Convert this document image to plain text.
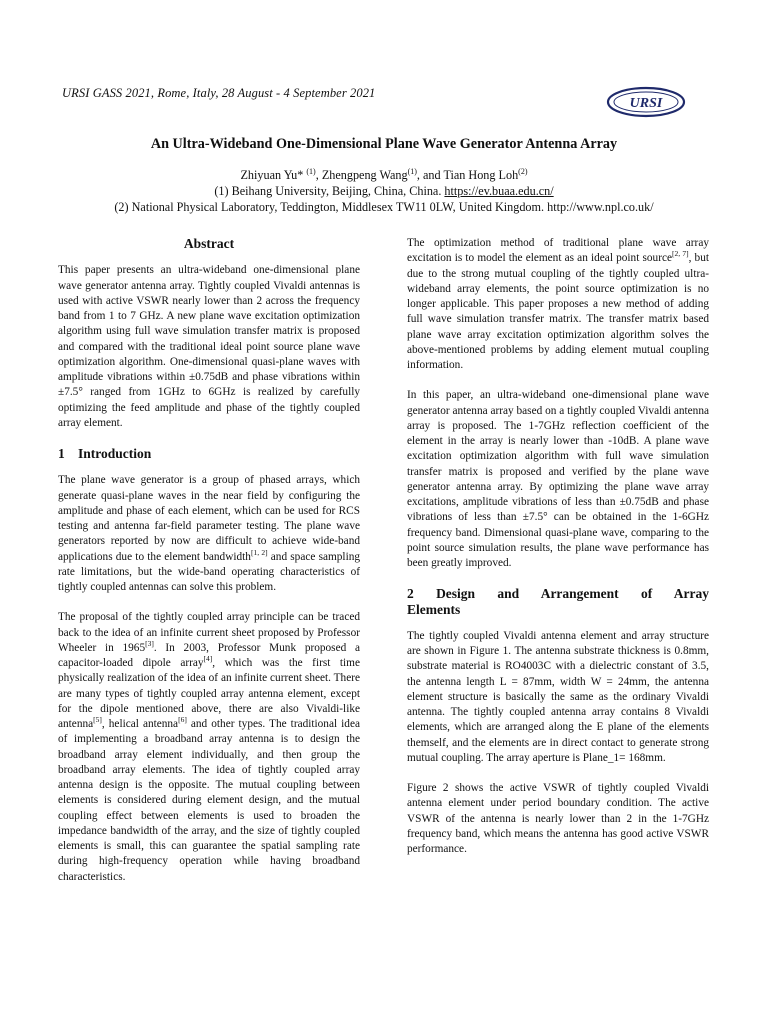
URSI GASS 2021, Rome, Italy, 28 August - 4 September 2021
URSI
An Ultra-Wideband One-Dimensional Plane Wave Generator Antenna Array
Zhiyuan Yu* $^{(1)}$, Zhengpeng Wang$^{(1)}$, and Tian Hong Loh$^{(2)}$
(1) Beihang University, Beijing, China, China. https://ev.buaa.edu.cn/
(2) National Physical Laboratory, Teddington, Middlesex TW11 0LW, United Kingdom. http://www.npl.co.uk/
Abstract

This paper presents an ultra-wideband one-dimensional plane wave generator antenna array. Tightly coupled Vivaldi antennas is used with active VSWR nearly lower than 2 across the frequency band from 1 to 7 GHz. A new plane wave excitation optimization algorithm using full wave simulation transfer matrix is proposed and compared with the traditional ideal point source plane wave optimization algorithm. One-dimensional quasi-plane waves with amplitude vibrations within ±0.75dB and phase vibrations within ±7.5° ranged from 1GHz to 6GHz is realized by carefully optimizing the feed amplitude and phase of the tightly coupled array element.

1 Introduction

The plane wave generator is a group of phased arrays, which generate quasi-plane waves in the near field by configuring the amplitude and phase of each element, which can be used for RCS testing and antenna far-field parameter testing. The plane wave generators reported by now are difficult to achieve wide-band applications due to the element bandwidth[1, 2] and space sampling rate limitations, but the wide-band operating characteristics of tightly coupled antennas can solve this problem.

The proposal of the tightly coupled array principle can be traced back to the idea of an infinite current sheet proposed by Professor Wheeler in 1965[3]. In 2003, Professor Munk proposed a capacitor-loaded dipole array[4], which was the first time physically realization of the idea of an infinite current sheet. There are many types of tightly coupled array antenna element, except for the dipole mentioned above, there are also Vivaldi-like antenna[5], helical antenna[6] and other types. The traditional idea of implementing a broadband array antenna is to design the broadband array element individually, and then group the broadband array elements. The idea of tightly coupled array antenna design is the opposite. The mutual coupling between elements is considered during element design, and the mutual coupling effect between elements is used to broaden the impedance bandwidth of the array, and the size of tightly coupled elements is small, this can guarantee the spatial sampling rate during high-frequency operation while having broadband characteristics.

The optimization method of traditional plane wave array excitation is to model the element as an ideal point source[2, 7], but due to the strong mutual coupling of the tightly coupled ultra-wideband array elements, the point source optimization is no longer applicable. This paper proposes a new method of adding full wave simulation transfer matrix. The transfer matrix based plane wave array excitation optimization algorithm solves the above-mentioned problems by adding element mutual coupling information.

In this paper, an ultra-wideband one-dimensional plane wave generator antenna array based on a tightly coupled Vivaldi antenna array is proposed. The 1-7GHz reflection coefficient of the element in the array is nearly lower than -10dB. A plane wave excitation optimization algorithm with full wave simulation transfer matrix is proposed and verified by the plane wave generator antenna array. By optimizing the plane wave array excitations, amplitude vibrations of less than ±0.75dB and phase vibrations of less than ±7.5° can be obtained in the 1-6GHz frequency band. Dimensional quasi-plane wave, comparing to the point source simulation results, the plane wave performance has been greatly improved.

2 Design and Arrangement of Array
Elements

The tightly coupled Vivaldi antenna element and array structure are shown in Figure 1. The antenna substrate thickness is 0.8mm, substrate material is RO4003C with a dielectric constant of 3.5, the antenna length L = 87mm, width W = 24mm, the antenna element structure is basically the same as the ordinary Vivaldi antenna. The tightly coupled antenna array contains 8 Vivaldi elements, which are arranged along the E plane of the elements themself, and the elements are in direct contact to generate strong mutual coupling. The array aperture is Plane_1= 168mm.

Figure 2 shows the active VSWR of tightly coupled Vivaldi antenna element under period boundary condition. The active VSWR of the antenna is nearly lower than 2 in the 1-7GHz frequency band, which means the antenna has good active VSWR performance.
